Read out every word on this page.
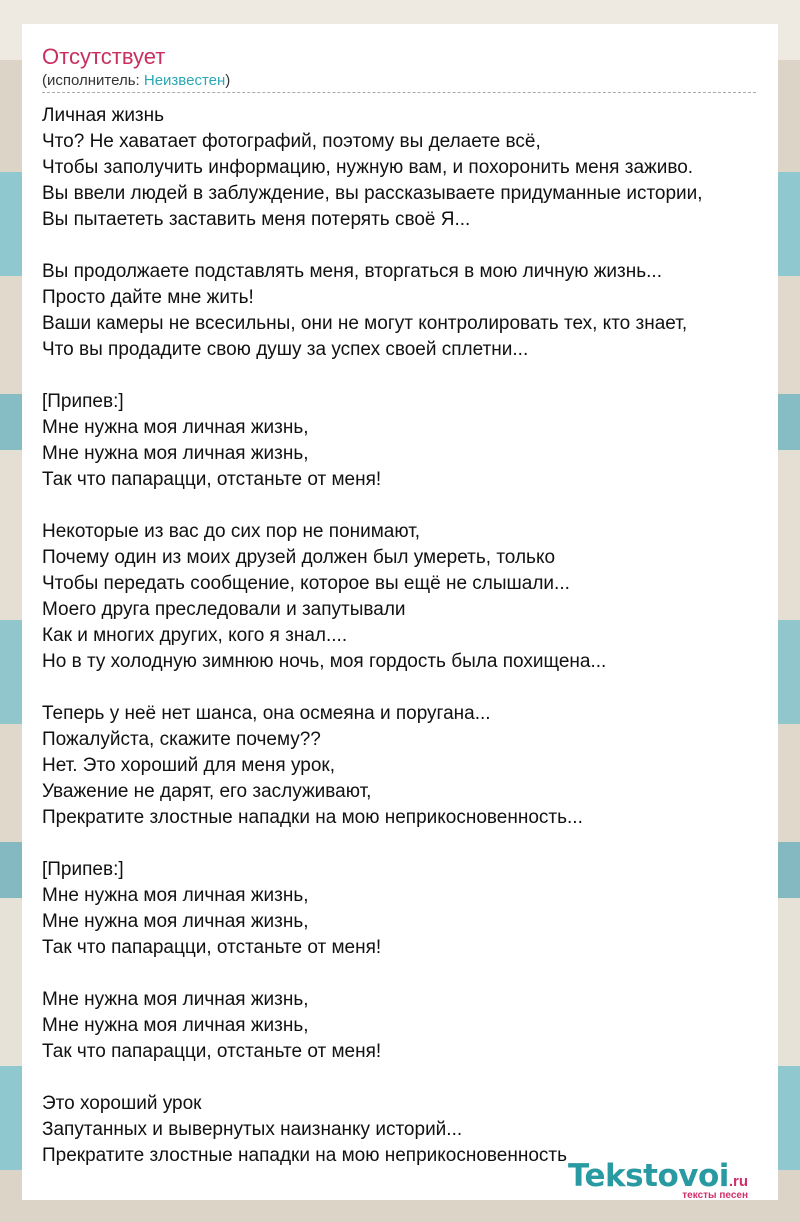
Отсутствует
(исполнитель: Неизвестен)
Личная жизнь
Что? Не хаватает фотографий, поэтому вы делаете всё,
Чтобы заполучить информацию, нужную вам, и похоронить меня заживо.
Вы ввели людей в заблуждение, вы рассказываете придуманные истории,
Вы пытаететь заставить меня потерять своё Я...
Вы продолжаете подставлять меня, вторгаться в мою личную жизнь...
Просто дайте мне жить!
Ваши камеры не всесильны, они не могут контролировать тех, кто знает,
Что вы продадите свою душу за успех своей сплетни...
[Припев:]
Мне нужна моя личная жизнь,
Мне нужна моя личная жизнь,
Так что папарацци, отстаньте от меня!
Некоторые из вас до сих пор не понимают,
Почему один из моих друзей должен был умереть, только
Чтобы передать сообщение, которое вы ещё не слышали...
Моего друга преследовали и запутывали
Как и многих других, кого я знал....
Но в ту холодную зимнюю ночь, моя гордость была похищена...
Теперь у неё нет шанса, она осмеяна и поругана...
Пожалуйста, скажите почему??
Нет. Это хороший для меня урок,
Уважение не дарят, его заслуживают,
Прекратите злостные нападки на мою неприкосновенность...
[Припев:]
Мне нужна моя личная жизнь,
Мне нужна моя личная жизнь,
Так что папарацци, отстаньте от меня!
Мне нужна моя личная жизнь,
Мне нужна моя личная жизнь,
Так что папарацци, отстаньте от меня!
Это хороший урок
Запутанных и вывернутых наизнанку историй...
Прекратите злостные нападки на мою неприкосновенность
Tekstovoi.ru
тексты песен
